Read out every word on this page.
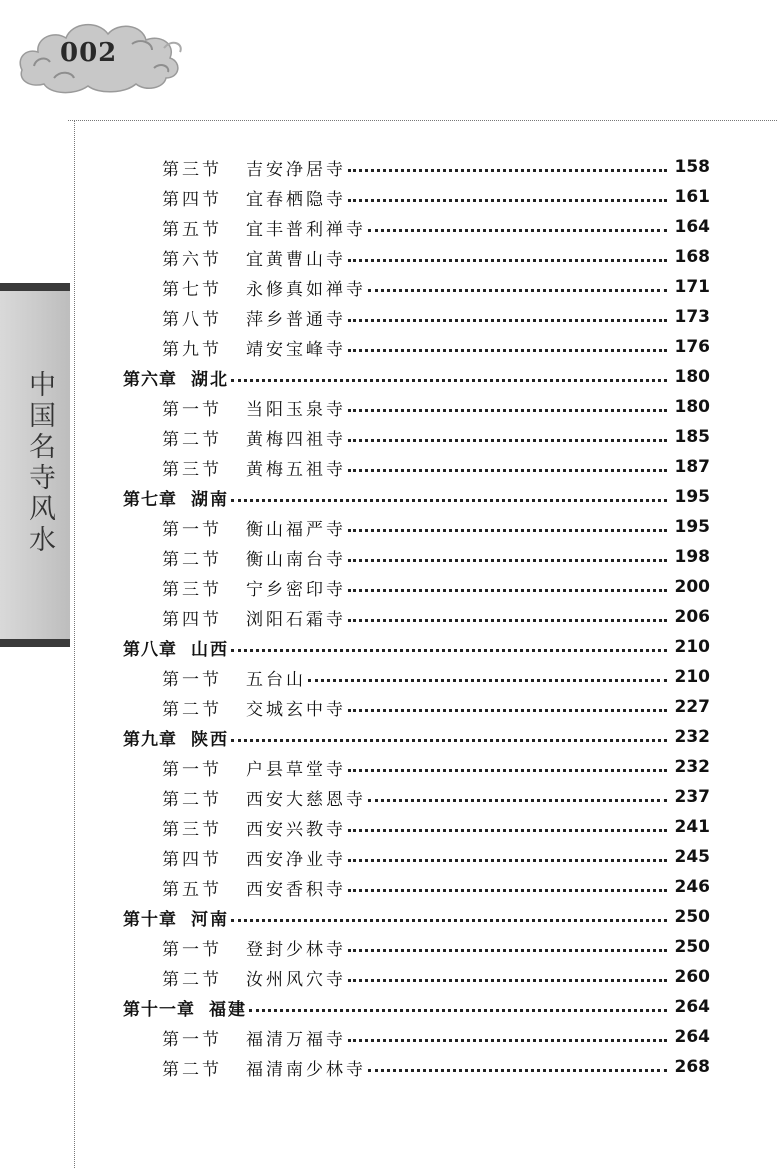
002
中国名寺风水
第三节	吉安净居寺	158
第四节	宜春栖隐寺	161
第五节	宜丰普利禅寺	164
第六节	宜黄曹山寺	168
第七节	永修真如禅寺	171
第八节	萍乡普通寺	173
第九节	靖安宝峰寺	176
第六章 湖北	180
第一节	当阳玉泉寺	180
第二节	黄梅四祖寺	185
第三节	黄梅五祖寺	187
第七章 湖南	195
第一节	衡山福严寺	195
第二节	衡山南台寺	198
第三节	宁乡密印寺	200
第四节	浏阳石霜寺	206
第八章 山西	210
第一节	五台山	210
第二节	交城玄中寺	227
第九章 陕西	232
第一节	户县草堂寺	232
第二节	西安大慈恩寺	237
第三节	西安兴教寺	241
第四节	西安净业寺	245
第五节	西安香积寺	246
第十章 河南	250
第一节	登封少林寺	250
第二节	汝州风穴寺	260
第十一章 福建	264
第一节	福清万福寺	264
第二节	福清南少林寺	268
